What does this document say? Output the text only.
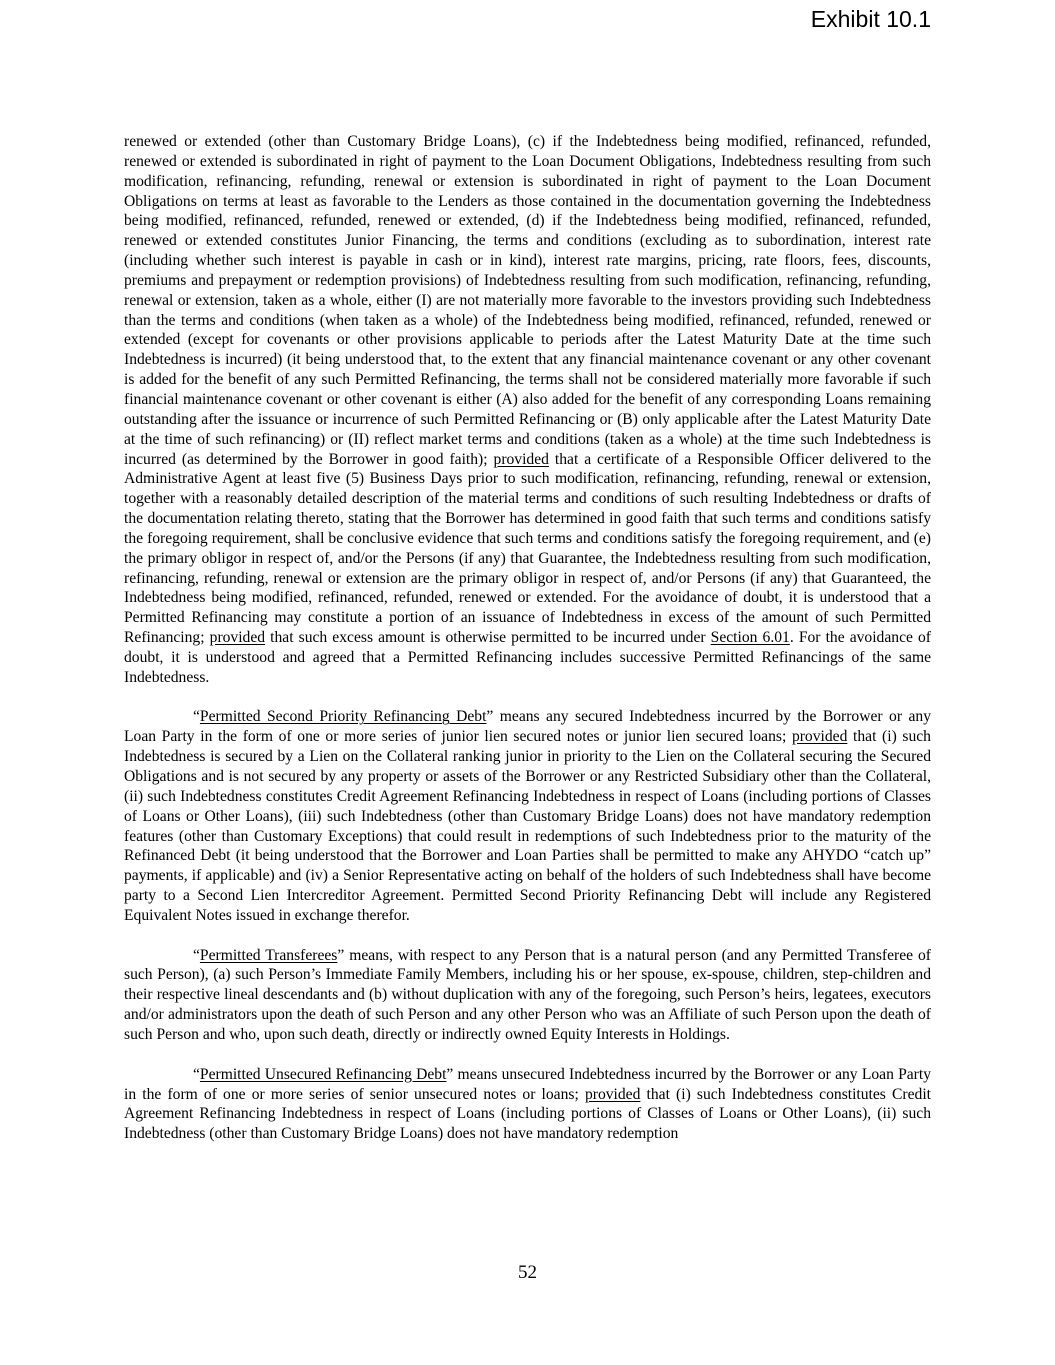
Exhibit 10.1

renewed or extended (other than Customary Bridge Loans), (c) if the Indebtedness being modified, refinanced, refunded, renewed or extended is subordinated in right of payment to the Loan Document Obligations, Indebtedness resulting from such modification, refinancing, refunding, renewal or extension is subordinated in right of payment to the Loan Document Obligations on terms at least as favorable to the Lenders as those contained in the documentation governing the Indebtedness being modified, refinanced, refunded, renewed or extended, (d) if the Indebtedness being modified, refinanced, refunded, renewed or extended constitutes Junior Financing, the terms and conditions (excluding as to subordination, interest rate (including whether such interest is payable in cash or in kind), interest rate margins, pricing, rate floors, fees, discounts, premiums and prepayment or redemption provisions) of Indebtedness resulting from such modification, refinancing, refunding, renewal or extension, taken as a whole, either (I) are not materially more favorable to the investors providing such Indebtedness than the terms and conditions (when taken as a whole) of the Indebtedness being modified, refinanced, refunded, renewed or extended (except for covenants or other provisions applicable to periods after the Latest Maturity Date at the time such Indebtedness is incurred) (it being understood that, to the extent that any financial maintenance covenant or any other covenant is added for the benefit of any such Permitted Refinancing, the terms shall not be considered materially more favorable if such financial maintenance covenant or other covenant is either (A) also added for the benefit of any corresponding Loans remaining outstanding after the issuance or incurrence of such Permitted Refinancing or (B) only applicable after the Latest Maturity Date at the time of such refinancing) or (II) reflect market terms and conditions (taken as a whole) at the time such Indebtedness is incurred (as determined by the Borrower in good faith); provided that a certificate of a Responsible Officer delivered to the Administrative Agent at least five (5) Business Days prior to such modification, refinancing, refunding, renewal or extension, together with a reasonably detailed description of the material terms and conditions of such resulting Indebtedness or drafts of the documentation relating thereto, stating that the Borrower has determined in good faith that such terms and conditions satisfy the foregoing requirement, shall be conclusive evidence that such terms and conditions satisfy the foregoing requirement, and (e) the primary obligor in respect of, and/or the Persons (if any) that Guarantee, the Indebtedness resulting from such modification, refinancing, refunding, renewal or extension are the primary obligor in respect of, and/or Persons (if any) that Guaranteed, the Indebtedness being modified, refinanced, refunded, renewed or extended. For the avoidance of doubt, it is understood that a Permitted Refinancing may constitute a portion of an issuance of Indebtedness in excess of the amount of such Permitted Refinancing; provided that such excess amount is otherwise permitted to be incurred under Section 6.01. For the avoidance of doubt, it is understood and agreed that a Permitted Refinancing includes successive Permitted Refinancings of the same Indebtedness.

“Permitted Second Priority Refinancing Debt” means any secured Indebtedness incurred by the Borrower or any Loan Party in the form of one or more series of junior lien secured notes or junior lien secured loans; provided that (i) such Indebtedness is secured by a Lien on the Collateral ranking junior in priority to the Lien on the Collateral securing the Secured Obligations and is not secured by any property or assets of the Borrower or any Restricted Subsidiary other than the Collateral, (ii) such Indebtedness constitutes Credit Agreement Refinancing Indebtedness in respect of Loans (including portions of Classes of Loans or Other Loans), (iii) such Indebtedness (other than Customary Bridge Loans) does not have mandatory redemption features (other than Customary Exceptions) that could result in redemptions of such Indebtedness prior to the maturity of the Refinanced Debt (it being understood that the Borrower and Loan Parties shall be permitted to make any AHYDO “catch up” payments, if applicable) and (iv) a Senior Representative acting on behalf of the holders of such Indebtedness shall have become party to a Second Lien Intercreditor Agreement. Permitted Second Priority Refinancing Debt will include any Registered Equivalent Notes issued in exchange therefor.

“Permitted Transferees” means, with respect to any Person that is a natural person (and any Permitted Transferee of such Person), (a) such Person’s Immediate Family Members, including his or her spouse, ex-spouse, children, step-children and their respective lineal descendants and (b) without duplication with any of the foregoing, such Person’s heirs, legatees, executors and/or administrators upon the death of such Person and any other Person who was an Affiliate of such Person upon the death of such Person and who, upon such death, directly or indirectly owned Equity Interests in Holdings.

“Permitted Unsecured Refinancing Debt” means unsecured Indebtedness incurred by the Borrower or any Loan Party in the form of one or more series of senior unsecured notes or loans; provided that (i) such Indebtedness constitutes Credit Agreement Refinancing Indebtedness in respect of Loans (including portions of Classes of Loans or Other Loans), (ii) such Indebtedness (other than Customary Bridge Loans) does not have mandatory redemption

52
